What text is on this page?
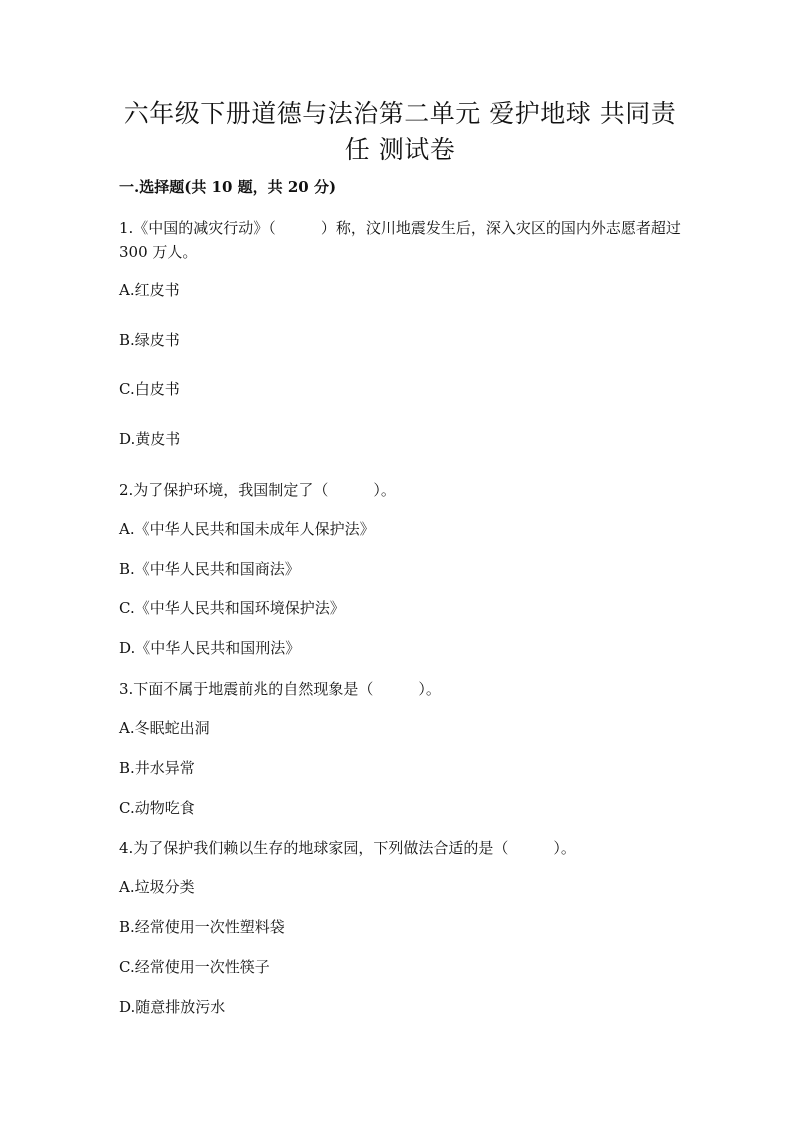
六年级下册道德与法治第二单元 爱护地球 共同责
任 测试卷
一.选择题(共 10 题，共 20 分)
1.《中国的减灾行动》（　　　）称，汶川地震发生后，深入灾区的国内外志愿者超过 300 万人。
A.红皮书
B.绿皮书
C.白皮书
D.黄皮书
2.为了保护环境，我国制定了（　　　）。
A.《中华人民共和国未成年人保护法》
B.《中华人民共和国商法》
C.《中华人民共和国环境保护法》
D.《中华人民共和国刑法》
3.下面不属于地震前兆的自然现象是（　　　）。
A.冬眠蛇出洞
B.井水异常
C.动物吃食
4.为了保护我们赖以生存的地球家园，下列做法合适的是（　　　）。
A.垃圾分类
B.经常使用一次性塑料袋
C.经常使用一次性筷子
D.随意排放污水
